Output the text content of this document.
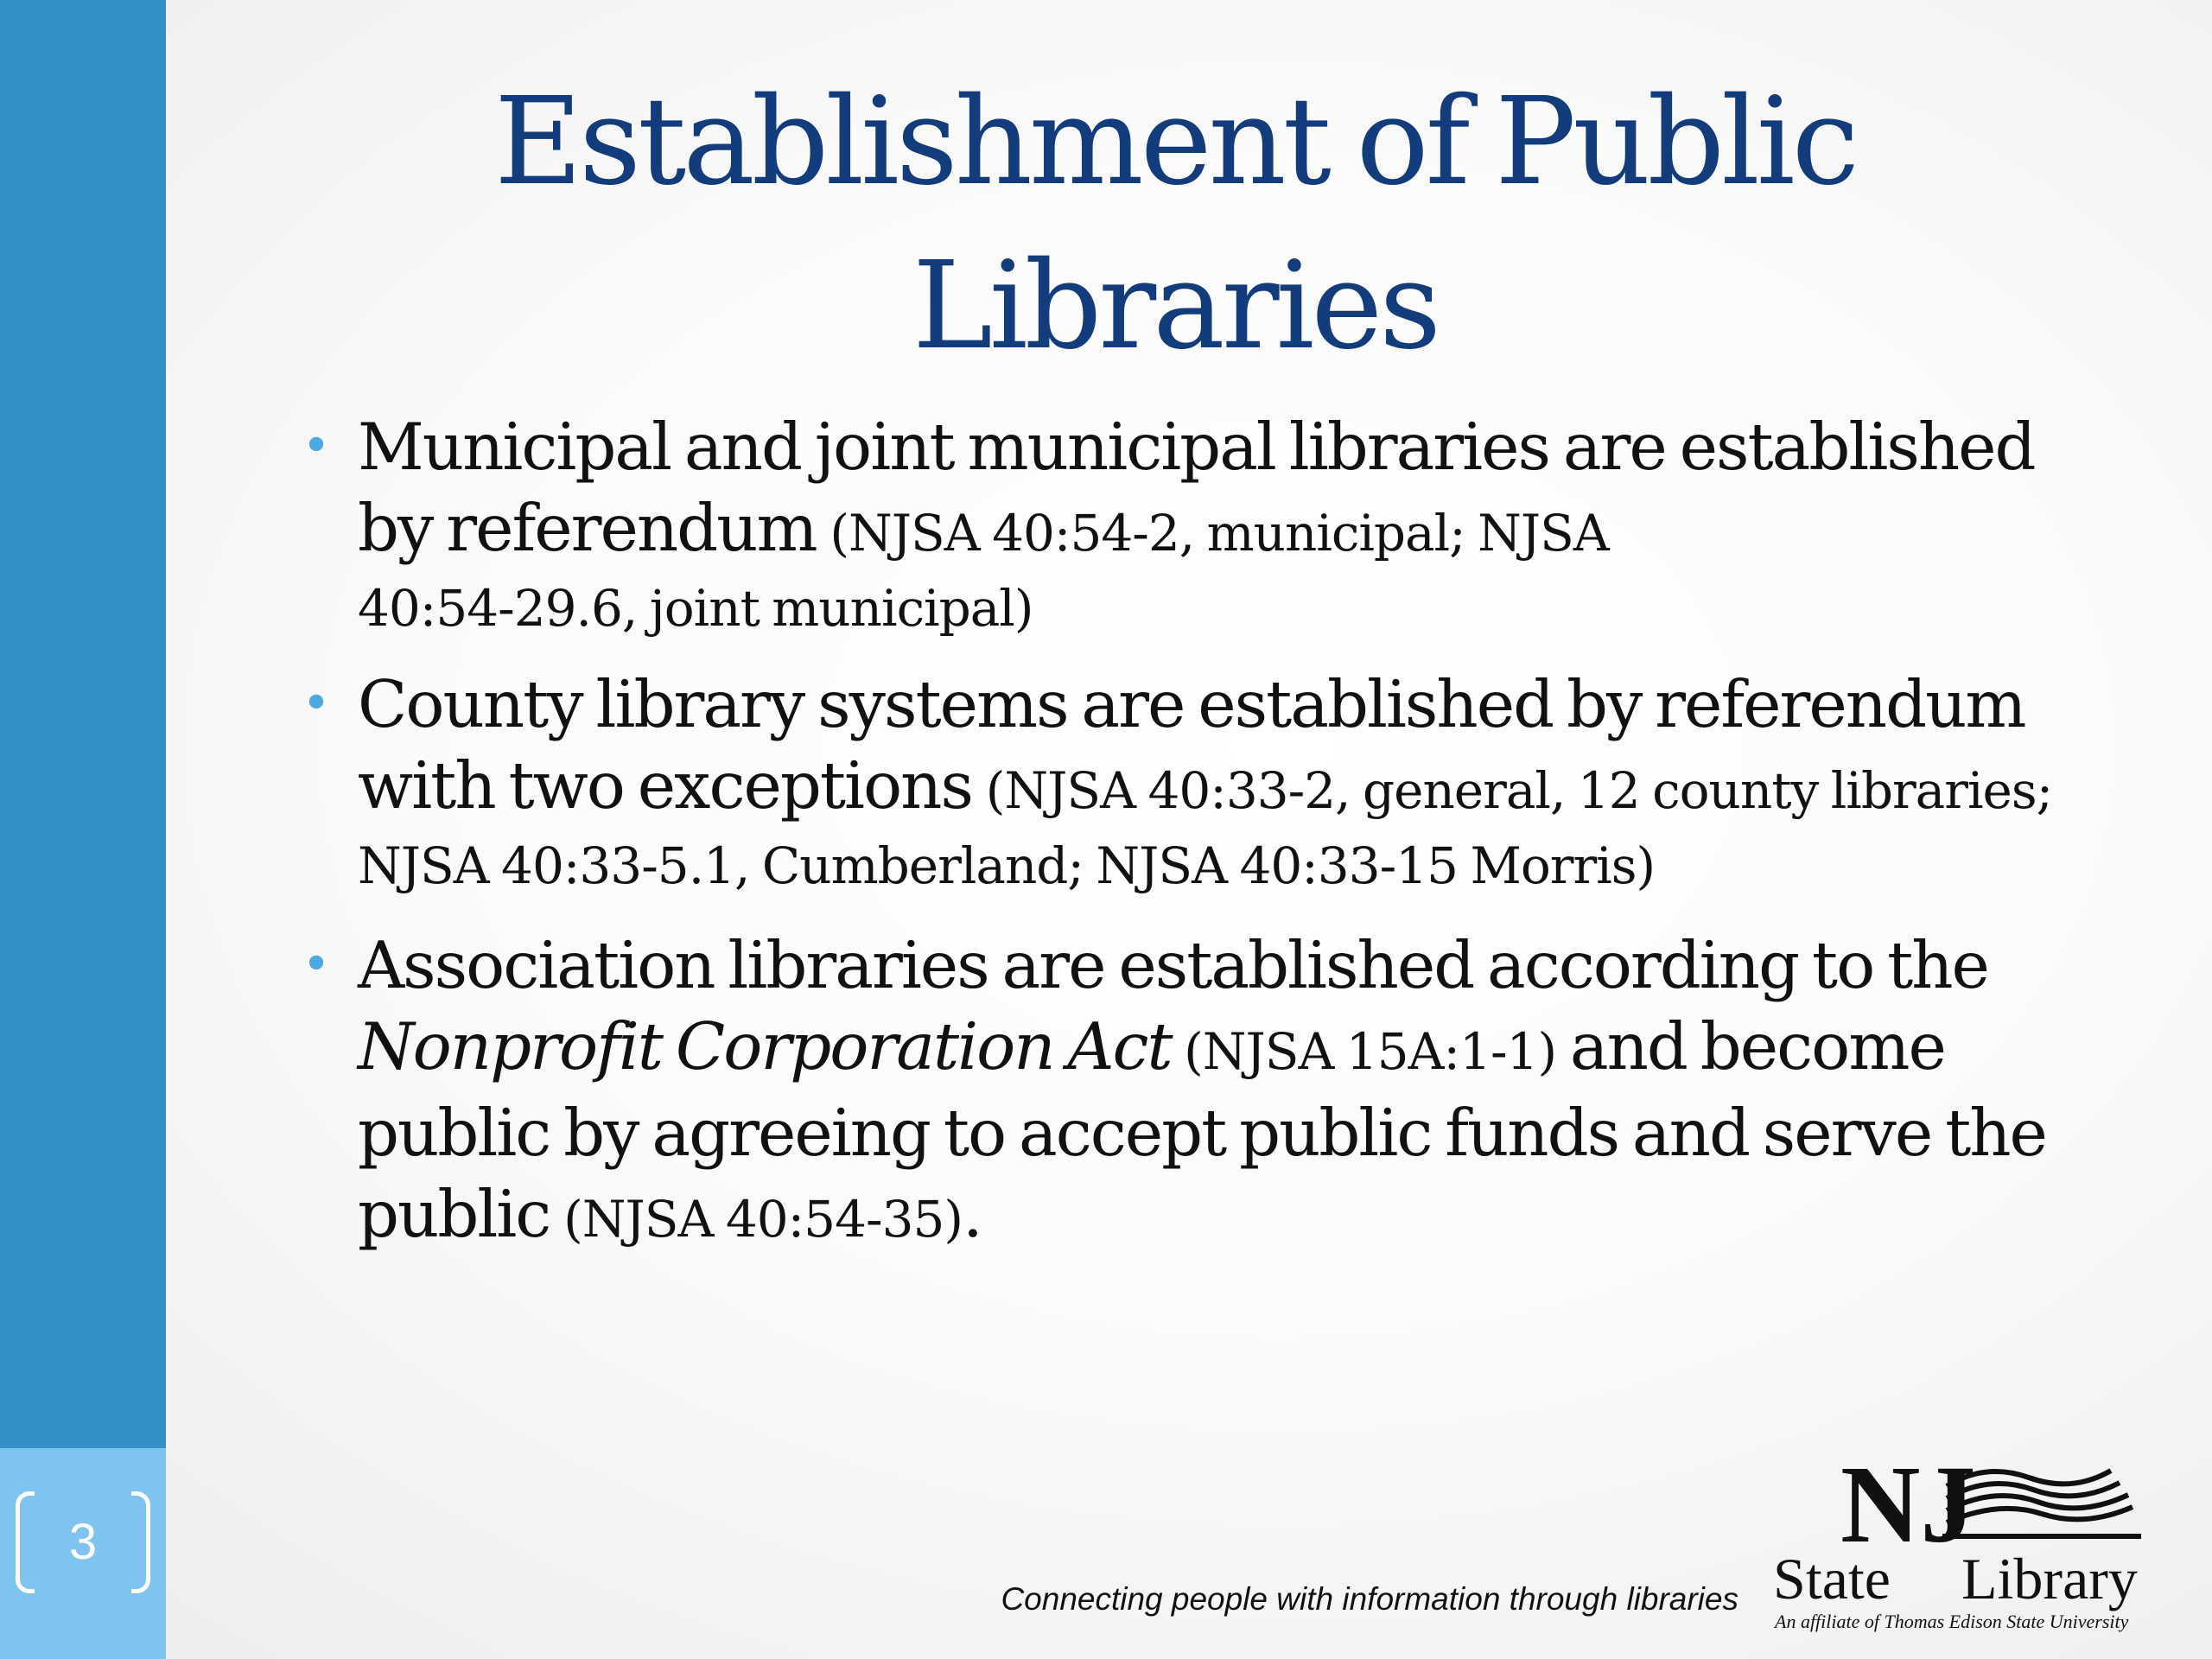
3
Establishment of Public
Libraries

• Municipal and joint municipal libraries are established by referendum (NJSA 40:54-2, municipal; NJSA
40:54-29.6, joint municipal)

• County library systems are established by referendum with two exceptions (NJSA 40:33-2, general, 12 county libraries;
NJSA 40:33-5.1, Cumberland; NJSA 40:33-15 Morris)

• Association libraries are established according to the Nonprofit Corporation Act (NJSA 15A:1-1) and become public by agreeing to accept public funds and serve the public (NJSA 40:54-35).

Connecting people with information through libraries
NJ
State Library
An affiliate of Thomas Edison State University
